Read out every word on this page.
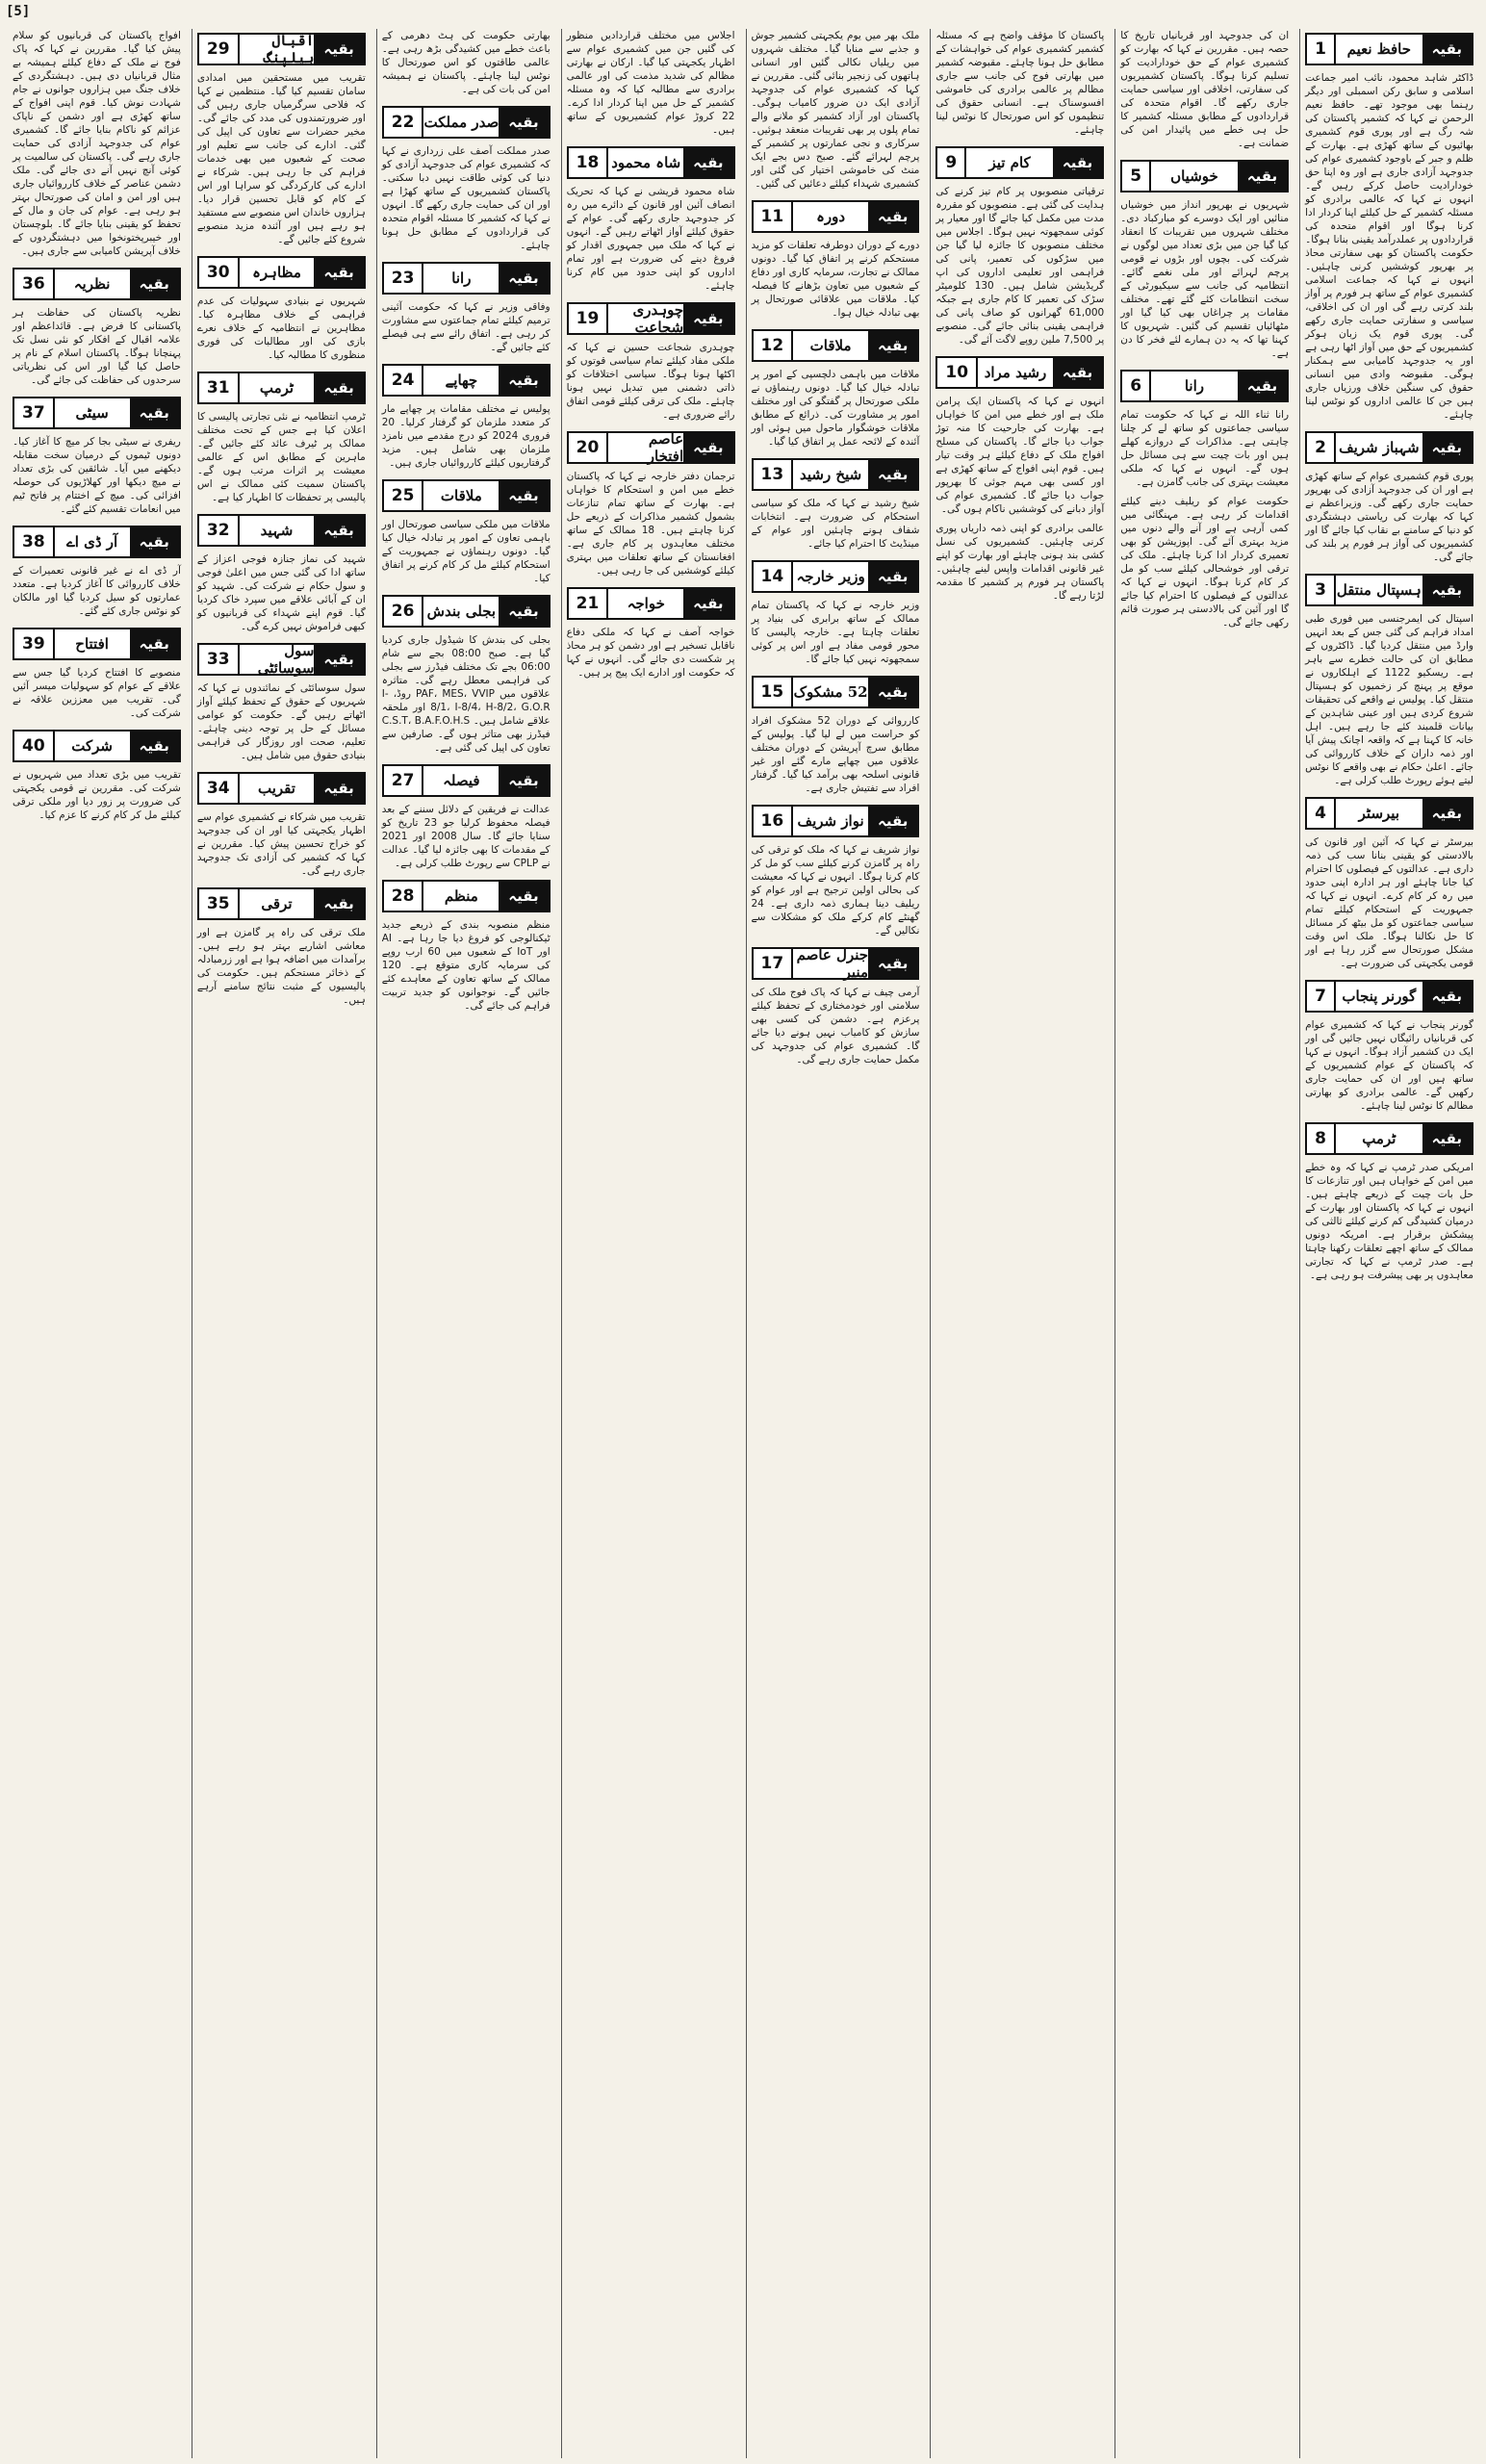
[5]
1	حافظ نعیم	بقیہ
ڈاکٹر شاہد محمود، نائب امیر جماعت اسلامی و سابق رکن اسمبلی اور دیگر رہنما بھی موجود تھے۔ حافظ نعیم الرحمن نے کہا کہ کشمیر پاکستان کی شہ رگ ہے اور پوری قوم کشمیری بھائیوں کے ساتھ کھڑی ہے۔ بھارت کے ظلم و جبر کے باوجود کشمیری عوام کی جدوجہد آزادی جاری ہے اور وہ اپنا حق خودارادیت حاصل کرکے رہیں گے۔ انہوں نے کہا کہ عالمی برادری کو مسئلہ کشمیر کے حل کیلئے اپنا کردار ادا کرنا ہوگا اور اقوام متحدہ کی قراردادوں پر عملدرآمد یقینی بنانا ہوگا۔ حکومت پاکستان کو بھی سفارتی محاذ پر بھرپور کوششیں کرنی چاہئیں۔ انہوں نے کہا کہ جماعت اسلامی کشمیری عوام کے ساتھ ہر فورم پر آواز بلند کرتی رہے گی اور ان کی اخلاقی، سیاسی و سفارتی حمایت جاری رکھے گی۔ پوری قوم یک زبان ہوکر کشمیریوں کے حق میں آواز اٹھا رہی ہے اور یہ جدوجہد کامیابی سے ہمکنار ہوگی۔ مقبوضہ وادی میں انسانی حقوق کی سنگین خلاف ورزیاں جاری ہیں جن کا عالمی اداروں کو نوٹس لینا چاہئے۔
2 شہباز شریف بقیہ
پوری قوم کشمیری عوام کے ساتھ کھڑی ہے اور ان کی جدوجہد آزادی کی بھرپور حمایت جاری رکھے گی۔ وزیراعظم نے کہا کہ بھارت کی ریاستی دہشتگردی کو دنیا کے سامنے بے نقاب کیا جائے گا اور کشمیریوں کی آواز ہر فورم پر بلند کی جائے گی۔
3 ہسپتال منتقل بقیہ
اسپتال کی ایمرجنسی میں فوری طبی امداد فراہم کی گئی جس کے بعد انہیں وارڈ میں منتقل کردیا گیا۔ ڈاکٹروں کے مطابق ان کی حالت خطرے سے باہر ہے۔ ریسکیو 1122 کے اہلکاروں نے موقع پر پہنچ کر زخمیوں کو ہسپتال منتقل کیا۔ پولیس نے واقعے کی تحقیقات شروع کردی ہیں اور عینی شاہدین کے بیانات قلمبند کئے جا رہے ہیں۔ اہل خانہ کا کہنا ہے کہ واقعہ اچانک پیش آیا اور ذمہ داران کے خلاف کارروائی کی جائے۔ اعلیٰ حکام نے بھی واقعے کا نوٹس لیتے ہوئے رپورٹ طلب کرلی ہے۔
4	بیرسٹر	بقیہ
بیرسٹر نے کہا کہ آئین اور قانون کی بالادستی کو یقینی بنانا سب کی ذمہ داری ہے۔ عدالتوں کے فیصلوں کا احترام کیا جانا چاہئے اور ہر ادارہ اپنی حدود میں رہ کر کام کرے۔ انہوں نے کہا کہ جمہوریت کے استحکام کیلئے تمام سیاسی جماعتوں کو مل بیٹھ کر مسائل کا حل نکالنا ہوگا۔ ملک اس وقت مشکل صورتحال سے گزر رہا ہے اور قومی یکجہتی کی ضرورت ہے۔
7	گورنر پنجاب	بقیہ
گورنر پنجاب نے کہا کہ کشمیری عوام کی قربانیاں رائیگاں نہیں جائیں گی اور ایک دن کشمیر آزاد ہوگا۔ انہوں نے کہا کہ پاکستان کے عوام کشمیریوں کے ساتھ ہیں اور ان کی حمایت جاری رکھیں گے۔ عالمی برادری کو بھارتی مظالم کا نوٹس لینا چاہئے۔
8	ٹرمپ	بقیہ
امریکی صدر ٹرمپ نے کہا کہ وہ خطے میں امن کے خواہاں ہیں اور تنازعات کا حل بات چیت کے ذریعے چاہتے ہیں۔ انہوں نے کہا کہ پاکستان اور بھارت کے درمیان کشیدگی کم کرنے کیلئے ثالثی کی پیشکش برقرار ہے۔ امریکہ دونوں ممالک کے ساتھ اچھے تعلقات رکھنا چاہتا ہے۔ صدر ٹرمپ نے کہا کہ تجارتی معاہدوں پر بھی پیشرفت ہو رہی ہے۔
ان کی جدوجہد اور قربانیاں تاریخ کا حصہ ہیں۔ مقررین نے کہا کہ بھارت کو کشمیری عوام کے حق خودارادیت کو تسلیم کرنا ہوگا۔ پاکستان کشمیریوں کی سفارتی، اخلاقی اور سیاسی حمایت جاری رکھے گا۔ اقوام متحدہ کی قراردادوں کے مطابق مسئلہ کشمیر کا حل ہی خطے میں پائیدار امن کی ضمانت ہے۔
5	خوشیاں	بقیہ
شہریوں نے بھرپور انداز میں خوشیاں منائیں اور ایک دوسرے کو مبارکباد دی۔ مختلف شہروں میں تقریبات کا انعقاد کیا گیا جن میں بڑی تعداد میں لوگوں نے شرکت کی۔ بچوں اور بڑوں نے قومی پرچم لہرائے اور ملی نغمے گائے۔ انتظامیہ کی جانب سے سیکیورٹی کے سخت انتظامات کئے گئے تھے۔ مختلف مقامات پر چراغاں بھی کیا گیا اور مٹھائیاں تقسیم کی گئیں۔ شہریوں کا کہنا تھا کہ یہ دن ہمارے لئے فخر کا دن ہے۔
6	رانا	بقیہ
رانا ثناء اللہ نے کہا کہ حکومت تمام سیاسی جماعتوں کو ساتھ لے کر چلنا چاہتی ہے۔ مذاکرات کے دروازے کھلے ہیں اور بات چیت سے ہی مسائل حل ہوں گے۔ انہوں نے کہا کہ ملکی معیشت بہتری کی جانب گامزن ہے۔
حکومت عوام کو ریلیف دینے کیلئے اقدامات کر رہی ہے۔ مہنگائی میں کمی آرہی ہے اور آنے والے دنوں میں مزید بہتری آئے گی۔ اپوزیشن کو بھی تعمیری کردار ادا کرنا چاہئے۔ ملک کی ترقی اور خوشحالی کیلئے سب کو مل کر کام کرنا ہوگا۔ انہوں نے کہا کہ عدالتوں کے فیصلوں کا احترام کیا جائے گا اور آئین کی بالادستی ہر صورت قائم رکھی جائے گی۔
پاکستان کا مؤقف واضح ہے کہ مسئلہ کشمیر کشمیری عوام کی خواہشات کے مطابق حل ہونا چاہئے۔ مقبوضہ کشمیر میں بھارتی فوج کی جانب سے جاری مظالم پر عالمی برادری کی خاموشی افسوسناک ہے۔ انسانی حقوق کی تنظیموں کو اس صورتحال کا نوٹس لینا چاہئے۔
9	کام تیز	بقیہ
ترقیاتی منصوبوں پر کام تیز کرنے کی ہدایت کی گئی ہے۔ منصوبوں کو مقررہ مدت میں مکمل کیا جائے گا اور معیار پر کوئی سمجھوتہ نہیں ہوگا۔ اجلاس میں مختلف منصوبوں کا جائزہ لیا گیا جن میں سڑکوں کی تعمیر، پانی کی فراہمی اور تعلیمی اداروں کی اپ گریڈیشن شامل ہیں۔ 130 کلومیٹر سڑک کی تعمیر کا کام جاری ہے جبکہ 61,000 گھرانوں کو صاف پانی کی فراہمی یقینی بنائی جائے گی۔ منصوبے پر 7,500 ملین روپے لاگت آئے گی۔
10	رشید مراد	بقیہ
انہوں نے کہا کہ پاکستان ایک پرامن ملک ہے اور خطے میں امن کا خواہاں ہے۔ بھارت کی جارحیت کا منہ توڑ جواب دیا جائے گا۔ پاکستان کی مسلح افواج ملک کے دفاع کیلئے ہر وقت تیار ہیں۔ قوم اپنی افواج کے ساتھ کھڑی ہے اور کسی بھی مہم جوئی کا بھرپور جواب دیا جائے گا۔ کشمیری عوام کی آواز دبانے کی کوششیں ناکام ہوں گی۔
عالمی برادری کو اپنی ذمہ داریاں پوری کرنی چاہئیں۔ کشمیریوں کی نسل کشی بند ہونی چاہئے اور بھارت کو اپنے غیر قانونی اقدامات واپس لینے چاہئیں۔ پاکستان ہر فورم پر کشمیر کا مقدمہ لڑتا رہے گا۔
ملک بھر میں یوم یکجہتی کشمیر جوش و جذبے سے منایا گیا۔ مختلف شہروں میں ریلیاں نکالی گئیں اور انسانی ہاتھوں کی زنجیر بنائی گئی۔ مقررین نے کہا کہ کشمیری عوام کی جدوجہد آزادی ایک دن ضرور کامیاب ہوگی۔ پاکستان اور آزاد کشمیر کو ملانے والے تمام پلوں پر بھی تقریبات منعقد ہوئیں۔ سرکاری و نجی عمارتوں پر کشمیر کے پرچم لہرائے گئے۔ صبح دس بجے ایک منٹ کی خاموشی اختیار کی گئی اور کشمیری شہداء کیلئے دعائیں کی گئیں۔
11	دورہ	بقیہ
دورے کے دوران دوطرفہ تعلقات کو مزید مستحکم کرنے پر اتفاق کیا گیا۔ دونوں ممالک نے تجارت، سرمایہ کاری اور دفاع کے شعبوں میں تعاون بڑھانے کا فیصلہ کیا۔ ملاقات میں علاقائی صورتحال پر بھی تبادلہ خیال ہوا۔
12	ملاقات	بقیہ
ملاقات میں باہمی دلچسپی کے امور پر تبادلہ خیال کیا گیا۔ دونوں رہنماؤں نے ملکی صورتحال پر گفتگو کی اور مختلف امور پر مشاورت کی۔ ذرائع کے مطابق ملاقات خوشگوار ماحول میں ہوئی اور آئندہ کے لائحہ عمل پر اتفاق کیا گیا۔
13	شیخ رشید	بقیہ
شیخ رشید نے کہا کہ ملک کو سیاسی استحکام کی ضرورت ہے۔ انتخابات شفاف ہونے چاہئیں اور عوام کے مینڈیٹ کا احترام کیا جائے۔
14 وزیر خارجہ بقیہ
وزیر خارجہ نے کہا کہ پاکستان تمام ممالک کے ساتھ برابری کی بنیاد پر تعلقات چاہتا ہے۔ خارجہ پالیسی کا محور قومی مفاد ہے اور اس پر کوئی سمجھوتہ نہیں کیا جائے گا۔
15 52 مشکوک بقیہ
کارروائی کے دوران 52 مشکوک افراد کو حراست میں لے لیا گیا۔ پولیس کے مطابق سرچ آپریشن کے دوران مختلف علاقوں میں چھاپے مارے گئے اور غیر قانونی اسلحہ بھی برآمد کیا گیا۔ گرفتار افراد سے تفتیش جاری ہے۔
16 نواز شریف بقیہ
نواز شریف نے کہا کہ ملک کو ترقی کی راہ پر گامزن کرنے کیلئے سب کو مل کر کام کرنا ہوگا۔ انہوں نے کہا کہ معیشت کی بحالی اولین ترجیح ہے اور عوام کو ریلیف دینا ہماری ذمہ داری ہے۔ 24 گھنٹے کام کرکے ملک کو مشکلات سے نکالیں گے۔
17 جنرل عاصم منیر بقیہ
آرمی چیف نے کہا کہ پاک فوج ملک کی سلامتی اور خودمختاری کے تحفظ کیلئے پرعزم ہے۔ دشمن کی کسی بھی سازش کو کامیاب نہیں ہونے دیا جائے گا۔ کشمیری عوام کی جدوجہد کی مکمل حمایت جاری رہے گی۔
اجلاس میں مختلف قراردادیں منظور کی گئیں جن میں کشمیری عوام سے اظہار یکجہتی کیا گیا۔ ارکان نے بھارتی مظالم کی شدید مذمت کی اور عالمی برادری سے مطالبہ کیا کہ وہ مسئلہ کشمیر کے حل میں اپنا کردار ادا کرے۔ 22 کروڑ عوام کشمیریوں کے ساتھ ہیں۔
18 شاہ محمود بقیہ
شاہ محمود قریشی نے کہا کہ تحریک انصاف آئین اور قانون کے دائرے میں رہ کر جدوجہد جاری رکھے گی۔ عوام کے حقوق کیلئے آواز اٹھاتے رہیں گے۔ انہوں نے کہا کہ ملک میں جمہوری اقدار کو فروغ دینے کی ضرورت ہے اور تمام اداروں کو اپنی حدود میں کام کرنا چاہئے۔
19	چوہدری شجاعت بقیہ
چوہدری شجاعت حسین نے کہا کہ ملکی مفاد کیلئے تمام سیاسی قوتوں کو اکٹھا ہونا ہوگا۔ سیاسی اختلافات کو ذاتی دشمنی میں تبدیل نہیں ہونا چاہئے۔ ملک کی ترقی کیلئے قومی اتفاق رائے ضروری ہے۔
20	عاصم افتخار بقیہ
ترجمان دفتر خارجہ نے کہا کہ پاکستان خطے میں امن و استحکام کا خواہاں ہے۔ بھارت کے ساتھ تمام تنازعات بشمول کشمیر مذاکرات کے ذریعے حل کرنا چاہتے ہیں۔ 18 ممالک کے ساتھ مختلف معاہدوں پر کام جاری ہے۔ افغانستان کے ساتھ تعلقات میں بہتری کیلئے کوششیں کی جا رہی ہیں۔
21	خواجہ	بقیہ
خواجہ آصف نے کہا کہ ملکی دفاع ناقابل تسخیر ہے اور دشمن کو ہر محاذ پر شکست دی جائے گی۔ انہوں نے کہا کہ حکومت اور ادارے ایک پیج پر ہیں۔
بھارتی حکومت کی ہٹ دھرمی کے باعث خطے میں کشیدگی بڑھ رہی ہے۔ عالمی طاقتوں کو اس صورتحال کا نوٹس لینا چاہئے۔ پاکستان نے ہمیشہ امن کی بات کی ہے۔
22 صدر مملکت بقیہ
صدر مملکت آصف علی زرداری نے کہا کہ کشمیری عوام کی جدوجہد آزادی کو دنیا کی کوئی طاقت نہیں دبا سکتی۔ پاکستان کشمیریوں کے ساتھ کھڑا ہے اور ان کی حمایت جاری رکھے گا۔ انہوں نے کہا کہ کشمیر کا مسئلہ اقوام متحدہ کی قراردادوں کے مطابق حل ہونا چاہئے۔
23	رانا	بقیہ
وفاقی وزیر نے کہا کہ حکومت آئینی ترمیم کیلئے تمام جماعتوں سے مشاورت کر رہی ہے۔ اتفاق رائے سے ہی فیصلے کئے جائیں گے۔
24	چھاپے	بقیہ
پولیس نے مختلف مقامات پر چھاپے مار کر متعدد ملزمان کو گرفتار کرلیا۔ 20 فروری 2024 کو درج مقدمے میں نامزد ملزمان بھی شامل ہیں۔ مزید گرفتاریوں کیلئے کارروائیاں جاری ہیں۔
25	ملاقات	بقیہ
ملاقات میں ملکی سیاسی صورتحال اور باہمی تعاون کے امور پر تبادلہ خیال کیا گیا۔ دونوں رہنماؤں نے جمہوریت کے استحکام کیلئے مل کر کام کرنے پر اتفاق کیا۔
26 بجلی بندش بقیہ
بجلی کی بندش کا شیڈول جاری کردیا گیا ہے۔ صبح 08:00 بجے سے شام 06:00 بجے تک مختلف فیڈرز سے بجلی کی فراہمی معطل رہے گی۔ متاثرہ علاقوں میں PAF، MES، VVIP روڈ، I-8/1، I-8/4، H-8/2، G.O.R اور ملحقہ علاقے شامل ہیں۔ C.S.T، B.A.F.O.H.S فیڈرز بھی متاثر ہوں گے۔ صارفین سے تعاون کی اپیل کی گئی ہے۔
27	فیصلہ	بقیہ
عدالت نے فریقین کے دلائل سننے کے بعد فیصلہ محفوظ کرلیا جو 23 تاریخ کو سنایا جائے گا۔ سال 2008 اور 2021 کے مقدمات کا بھی جائزہ لیا گیا۔ عدالت نے CPLP سے رپورٹ طلب کرلی ہے۔
28	منظم	بقیہ
منظم منصوبہ بندی کے ذریعے جدید ٹیکنالوجی کو فروغ دیا جا رہا ہے۔ AI اور IoT کے شعبوں میں 60 ارب روپے کی سرمایہ کاری متوقع ہے۔ 120 ممالک کے ساتھ تعاون کے معاہدے کئے جائیں گے۔ نوجوانوں کو جدید تربیت فراہم کی جائے گی۔
29	اقبال ہیلپنگ بقیہ
تقریب میں مستحقین میں امدادی سامان تقسیم کیا گیا۔ منتظمین نے کہا کہ فلاحی سرگرمیاں جاری رہیں گی اور ضرورتمندوں کی مدد کی جائے گی۔ مخیر حضرات سے تعاون کی اپیل کی گئی۔ ادارے کی جانب سے تعلیم اور صحت کے شعبوں میں بھی خدمات فراہم کی جا رہی ہیں۔ شرکاء نے ادارے کی کارکردگی کو سراہا اور اس کے کام کو قابل تحسین قرار دیا۔ ہزاروں خاندان اس منصوبے سے مستفید ہو رہے ہیں اور آئندہ مزید منصوبے شروع کئے جائیں گے۔
30	مظاہرہ	بقیہ
شہریوں نے بنیادی سہولیات کی عدم فراہمی کے خلاف مظاہرہ کیا۔ مظاہرین نے انتظامیہ کے خلاف نعرے بازی کی اور مطالبات کی فوری منظوری کا مطالبہ کیا۔
31	ٹرمپ	بقیہ
ٹرمپ انتظامیہ نے نئی تجارتی پالیسی کا اعلان کیا ہے جس کے تحت مختلف ممالک پر ٹیرف عائد کئے جائیں گے۔ ماہرین کے مطابق اس کے عالمی معیشت پر اثرات مرتب ہوں گے۔ پاکستان سمیت کئی ممالک نے اس پالیسی پر تحفظات کا اظہار کیا ہے۔
32	شہید	بقیہ
شہید کی نماز جنازہ فوجی اعزاز کے ساتھ ادا کی گئی جس میں اعلیٰ فوجی و سول حکام نے شرکت کی۔ شہید کو ان کے آبائی علاقے میں سپرد خاک کردیا گیا۔ قوم اپنے شہداء کی قربانیوں کو کبھی فراموش نہیں کرے گی۔
33	سول سوسائٹی بقیہ
سول سوسائٹی کے نمائندوں نے کہا کہ شہریوں کے حقوق کے تحفظ کیلئے آواز اٹھاتے رہیں گے۔ حکومت کو عوامی مسائل کے حل پر توجہ دینی چاہئے۔ تعلیم، صحت اور روزگار کی فراہمی بنیادی حقوق میں شامل ہیں۔
34	تقریب	بقیہ
تقریب میں شرکاء نے کشمیری عوام سے اظہار یکجہتی کیا اور ان کی جدوجہد کو خراج تحسین پیش کیا۔ مقررین نے کہا کہ کشمیر کی آزادی تک جدوجہد جاری رہے گی۔
35	ترقی	بقیہ
ملک ترقی کی راہ پر گامزن ہے اور معاشی اشاریے بہتر ہو رہے ہیں۔ برآمدات میں اضافہ ہوا ہے اور زرمبادلہ کے ذخائر مستحکم ہیں۔ حکومت کی پالیسیوں کے مثبت نتائج سامنے آرہے ہیں۔
افواج پاکستان کی قربانیوں کو سلام پیش کیا گیا۔ مقررین نے کہا کہ پاک فوج نے ملک کے دفاع کیلئے ہمیشہ بے مثال قربانیاں دی ہیں۔ دہشتگردی کے خلاف جنگ میں ہزاروں جوانوں نے جام شہادت نوش کیا۔ قوم اپنی افواج کے ساتھ کھڑی ہے اور دشمن کے ناپاک عزائم کو ناکام بنایا جائے گا۔ کشمیری عوام کی جدوجہد آزادی کی حمایت جاری رہے گی۔ پاکستان کی سالمیت پر کوئی آنچ نہیں آنے دی جائے گی۔ ملک دشمن عناصر کے خلاف کارروائیاں جاری ہیں اور امن و امان کی صورتحال بہتر ہو رہی ہے۔ عوام کی جان و مال کے تحفظ کو یقینی بنایا جائے گا۔ بلوچستان اور خیبرپختونخوا میں دہشتگردوں کے خلاف آپریشن کامیابی سے جاری ہیں۔
36	نظریہ	بقیہ
نظریہ پاکستان کی حفاظت ہر پاکستانی کا فرض ہے۔ قائداعظم اور علامہ اقبال کے افکار کو نئی نسل تک پہنچانا ہوگا۔ پاکستان اسلام کے نام پر حاصل کیا گیا اور اس کی نظریاتی سرحدوں کی حفاظت کی جائے گی۔
37	سیٹی	بقیہ
ریفری نے سیٹی بجا کر میچ کا آغاز کیا۔ دونوں ٹیموں کے درمیان سخت مقابلہ دیکھنے میں آیا۔ شائقین کی بڑی تعداد نے میچ دیکھا اور کھلاڑیوں کی حوصلہ افزائی کی۔ میچ کے اختتام پر فاتح ٹیم میں انعامات تقسیم کئے گئے۔
38	آر ڈی اے	بقیہ
آر ڈی اے نے غیر قانونی تعمیرات کے خلاف کارروائی کا آغاز کردیا ہے۔ متعدد عمارتوں کو سیل کردیا گیا اور مالکان کو نوٹس جاری کئے گئے۔
39	افتتاح	بقیہ
منصوبے کا افتتاح کردیا گیا جس سے علاقے کے عوام کو سہولیات میسر آئیں گی۔ تقریب میں معززین علاقہ نے شرکت کی۔
40	شرکت	بقیہ
تقریب میں بڑی تعداد میں شہریوں نے شرکت کی۔ مقررین نے قومی یکجہتی کی ضرورت پر زور دیا اور ملکی ترقی کیلئے مل کر کام کرنے کا عزم کیا۔
